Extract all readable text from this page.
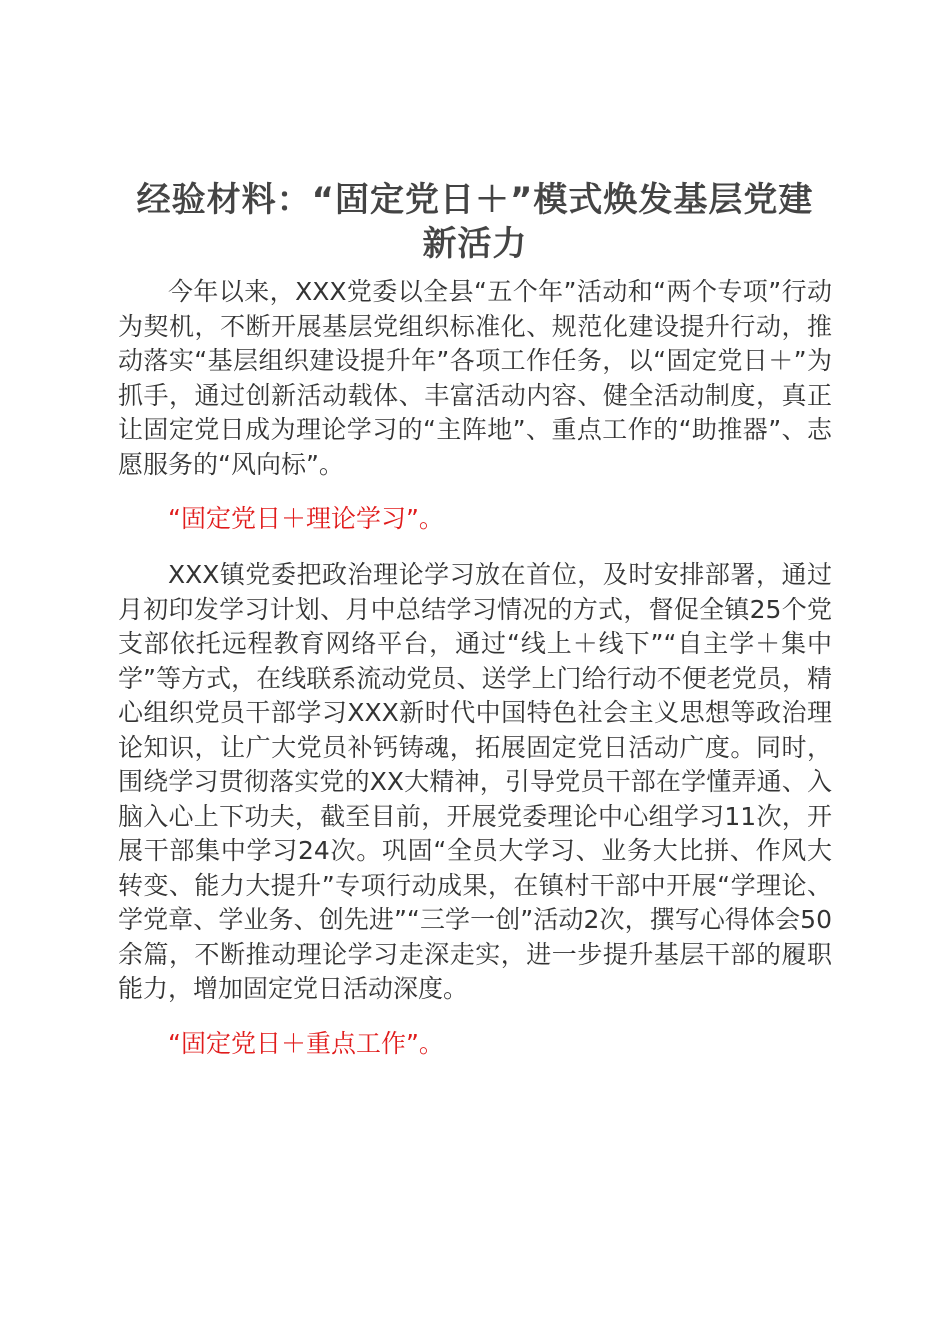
经验材料：“固定党日＋”模式焕发基层党建
新活力

今年以来，XXX党委以全县“五个年”活动和“两个专项”行动为契机，不断开展基层党组织标准化、规范化建设提升行动，推动落实“基层组织建设提升年”各项工作任务，以“固定党日＋”为抓手，通过创新活动载体、丰富活动内容、健全活动制度，真正让固定党日成为理论学习的“主阵地”、重点工作的“助推器”、志愿服务的“风向标”。

“固定党日＋理论学习”。

XXX镇党委把政治理论学习放在首位，及时安排部署，通过月初印发学习计划、月中总结学习情况的方式，督促全镇25个党支部依托远程教育网络平台，通过“线上＋线下”“自主学＋集中学”等方式，在线联系流动党员、送学上门给行动不便老党员，精心组织党员干部学习XXX新时代中国特色社会主义思想等政治理论知识，让广大党员补钙铸魂，拓展固定党日活动广度。同时，围绕学习贯彻落实党的XX大精神，引导党员干部在学懂弄通、入脑入心上下功夫，截至目前，开展党委理论中心组学习11次，开展干部集中学习24次。巩固“全员大学习、业务大比拼、作风大转变、能力大提升”专项行动成果，在镇村干部中开展“学理论、学党章、学业务、创先进”“三学一创”活动2次，撰写心得体会50余篇，不断推动理论学习走深走实，进一步提升基层干部的履职能力，增加固定党日活动深度。

“固定党日＋重点工作”。
